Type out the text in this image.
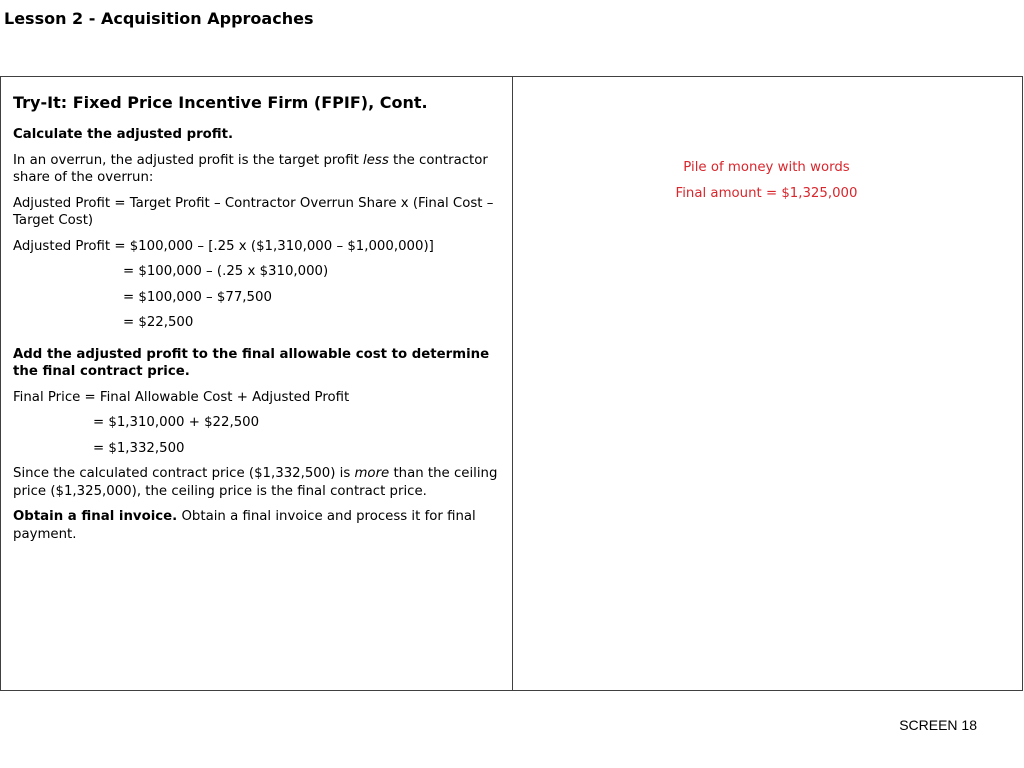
Lesson 2 - Acquisition Approaches
Try-It: Fixed Price Incentive Firm (FPIF), Cont.

Calculate the adjusted profit.

In an overrun, the adjusted profit is the target profit less the contractor share of the overrun:

Adjusted Profit = Target Profit – Contractor Overrun Share x (Final Cost – Target Cost)

Adjusted Profit = $100,000 – [.25 x ($1,310,000 – $1,000,000)]

= $100,000 – (.25 x $310,000)

= $100,000 – $77,500

= $22,500

Add the adjusted profit to the final allowable cost to determine the final contract price.

Final Price = Final Allowable Cost + Adjusted Profit

= $1,310,000 + $22,500

= $1,332,500

Since the calculated contract price ($1,332,500) is more than the ceiling price ($1,325,000), the ceiling price is the final contract price.

Obtain a final invoice. Obtain a final invoice and process it for final payment.

Pile of money with words

Final amount = $1,325,000

SCREEN 18
